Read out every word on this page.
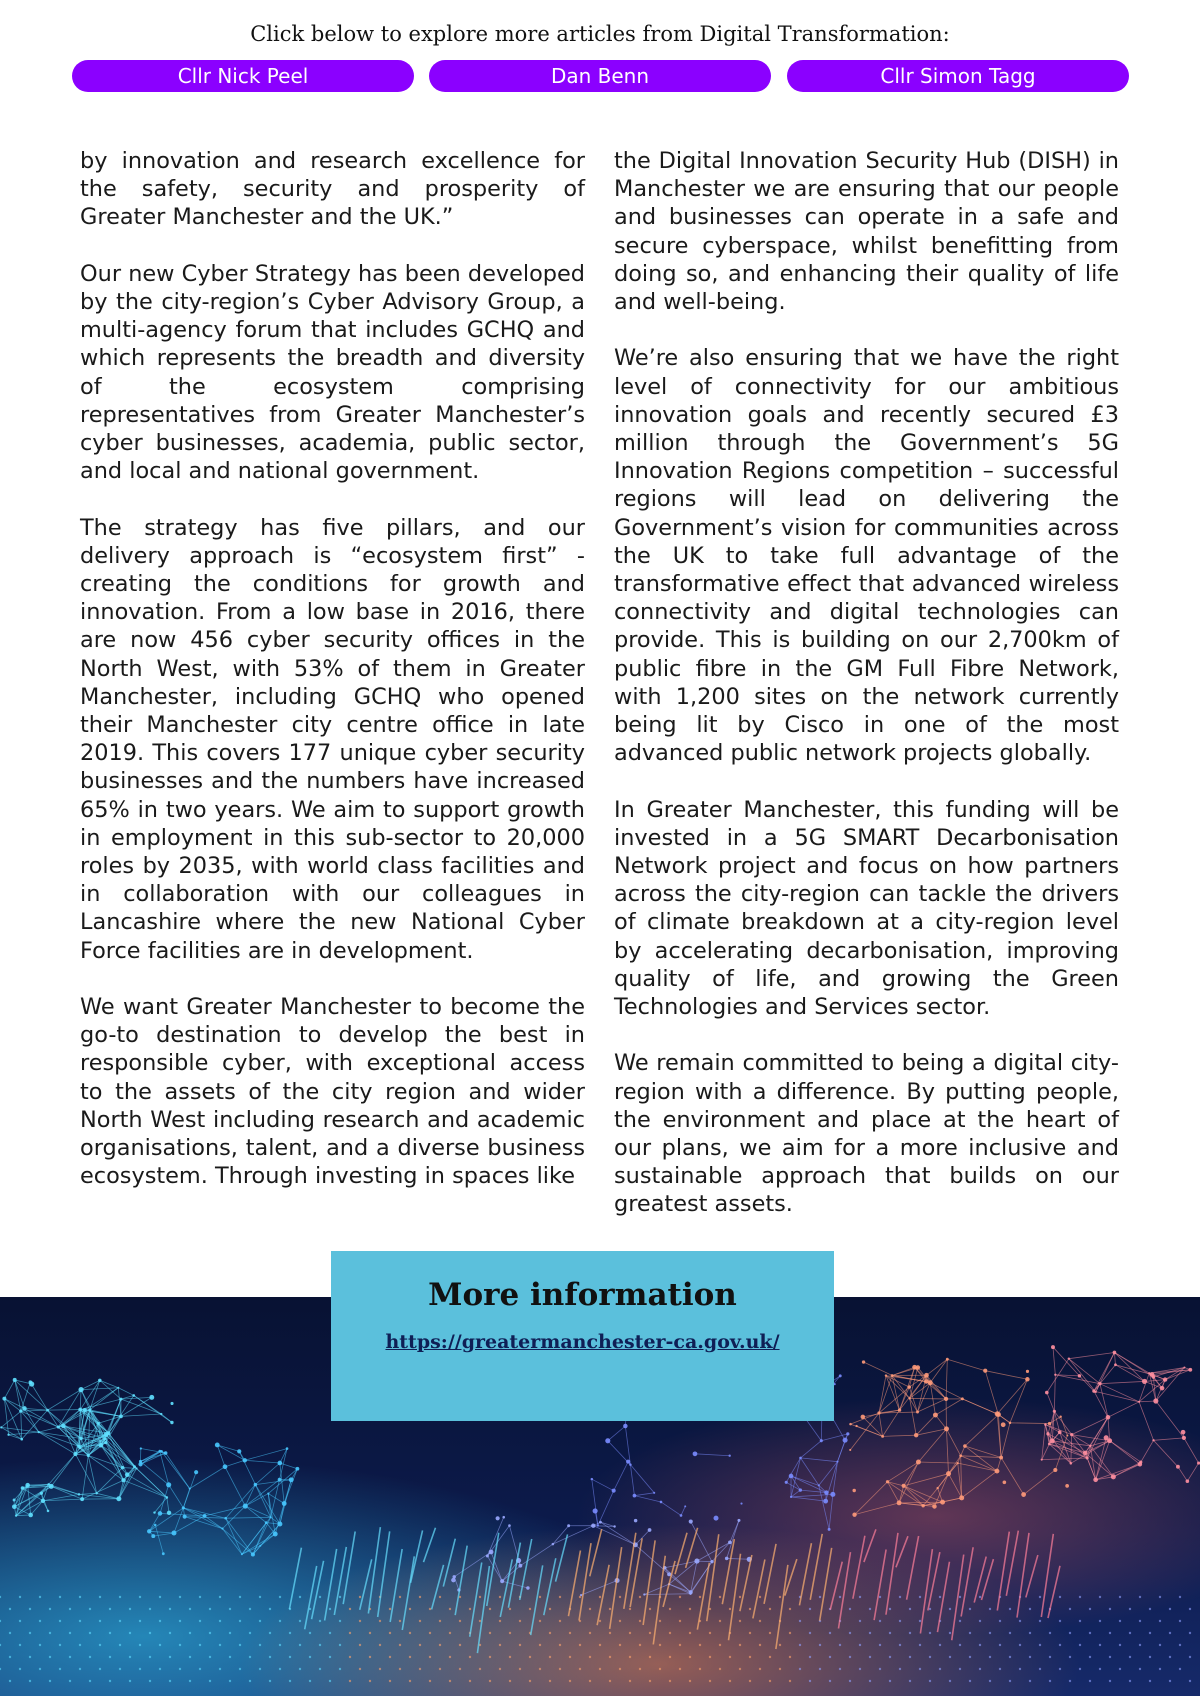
Click below to explore more articles from Digital Transformation:
Cllr Nick Peel	Dan Benn	Cllr Simon Tagg

by innovation and research excellence for the safety, security and prosperity of Greater Manchester and the UK.”

Our new Cyber Strategy has been developed by the city-region’s Cyber Advisory Group, a multi-agency forum that includes GCHQ and which represents the breadth and diversity of the ecosystem comprising representatives from Greater Manchester’s cyber businesses, academia, public sector, and local and national government.

The strategy has five pillars, and our delivery approach is “ecosystem first” - creating the conditions for growth and innovation. From a low base in 2016, there are now 456 cyber security offices in the North West, with 53% of them in Greater Manchester, including GCHQ who opened their Manchester city centre office in late 2019. This covers 177 unique cyber security businesses and the numbers have increased 65% in two years. We aim to support growth in employment in this sub-sector to 20,000 roles by 2035, with world class facilities and in collaboration with our colleagues in Lancashire where the new National Cyber Force facilities are in development.

We want Greater Manchester to become the go-to destination to develop the best in responsible cyber, with exceptional access to the assets of the city region and wider North West including research and academic organisations, talent, and a diverse business ecosystem. Through investing in spaces like

the Digital Innovation Security Hub (DISH) in Manchester we are ensuring that our people and businesses can operate in a safe and secure cyberspace, whilst benefitting from doing so, and enhancing their quality of life and well-being.

We’re also ensuring that we have the right level of connectivity for our ambitious innovation goals and recently secured £3 million through the Government’s 5G Innovation Regions competition – successful regions will lead on delivering the Government’s vision for communities across the UK to take full advantage of the transformative effect that advanced wireless connectivity and digital technologies can provide. This is building on our 2,700km of public fibre in the GM Full Fibre Network, with 1,200 sites on the network currently being lit by Cisco in one of the most advanced public network projects globally.

In Greater Manchester, this funding will be invested in a 5G SMART Decarbonisation Network project and focus on how partners across the city-region can tackle the drivers of climate breakdown at a city-region level by accelerating decarbonisation, improving quality of life, and growing the Green Technologies and Services sector.

We remain committed to being a digital city-region with a difference. By putting people, the environment and place at the heart of our plans, we aim for a more inclusive and sustainable approach that builds on our greatest assets.

More information
https://greatermanchester-ca.gov.uk/
